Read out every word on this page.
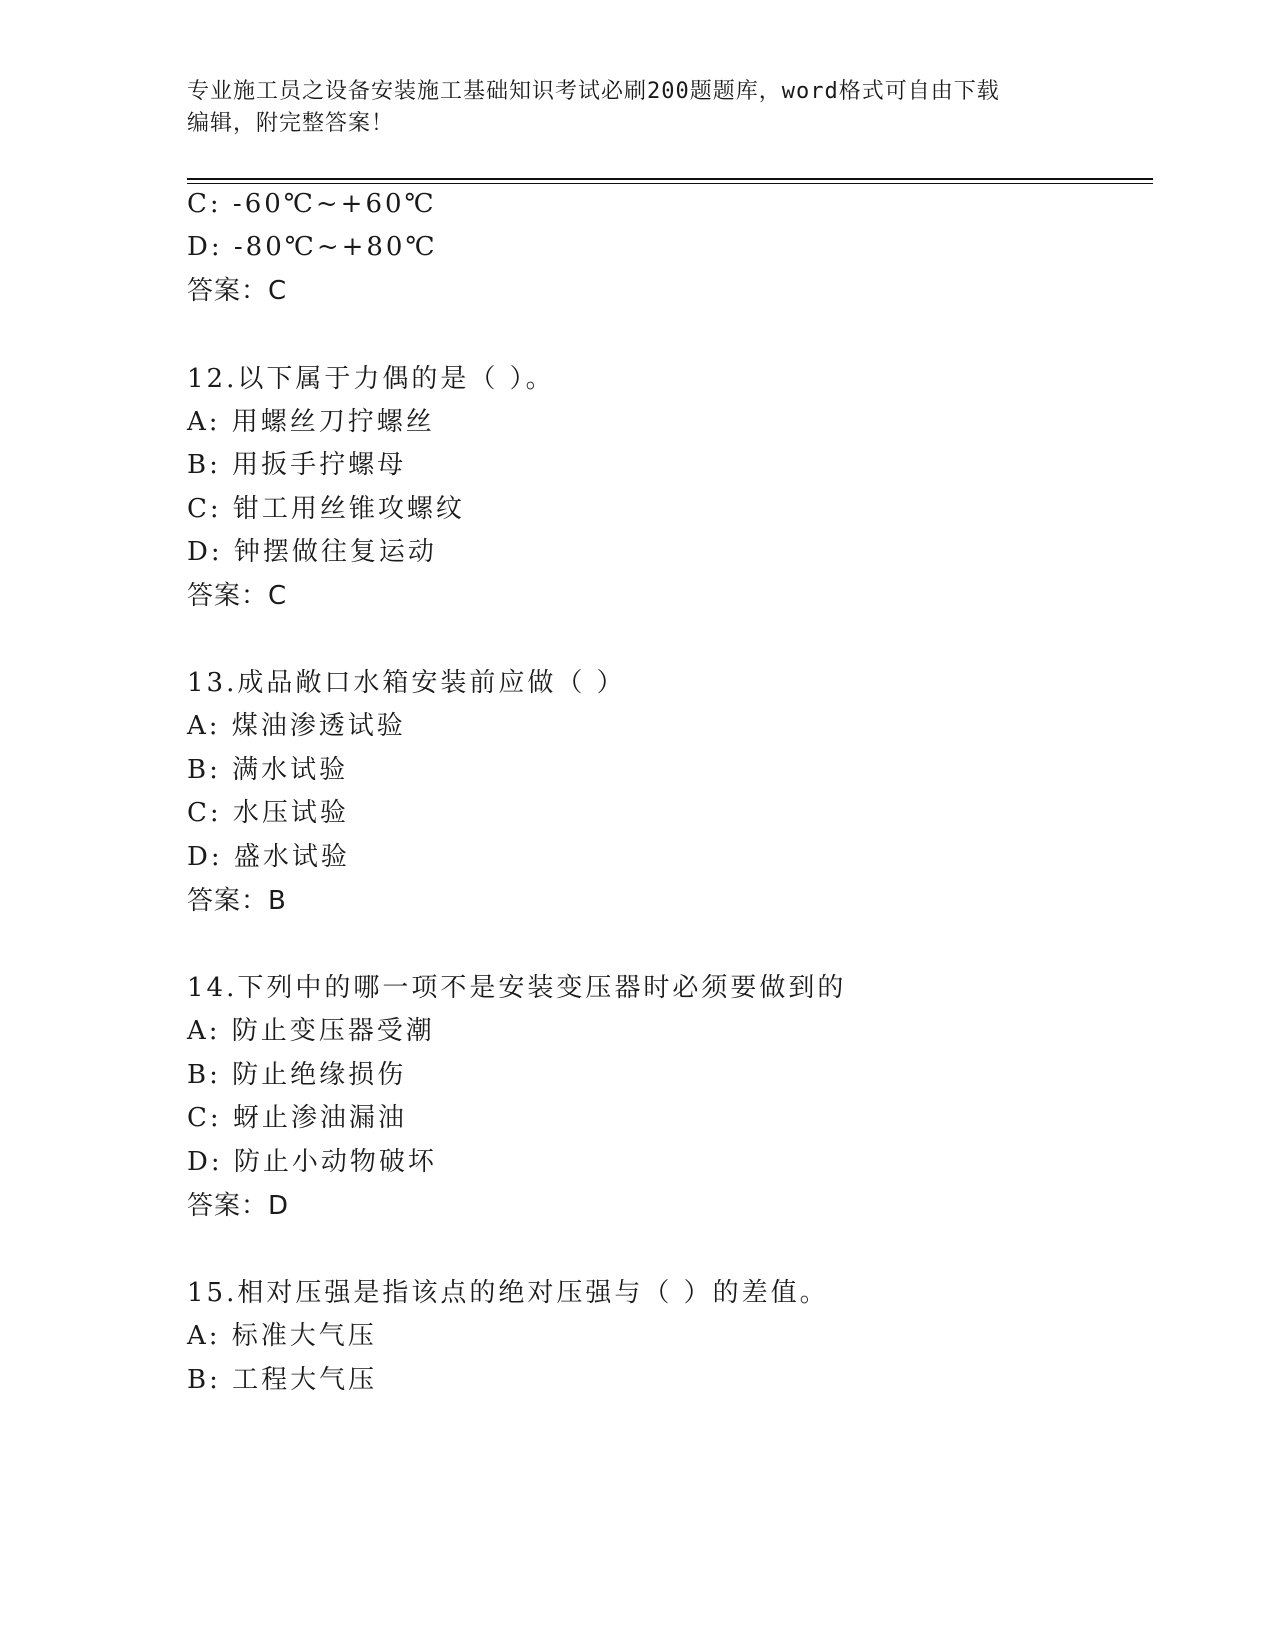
专业施工员之设备安装施工基础知识考试必刷200题题库，word格式可自由下载
编辑，附完整答案！
C: -60℃~+60℃
D: -80℃~+80℃
答案：C
12.以下属于力偶的是（ ）。
A: 用螺丝刀拧螺丝
B: 用扳手拧螺母
C: 钳工用丝锥攻螺纹
D: 钟摆做往复运动
答案：C
13.成品敞口水箱安装前应做（ ）
A: 煤油渗透试验
B: 满水试验
C: 水压试验
D: 盛水试验
答案：B
14.下列中的哪一项不是安装变压器时必须要做到的
A: 防止变压器受潮
B: 防止绝缘损伤
C: 蚜止渗油漏油
D: 防止小动物破坏
答案：D
15.相对压强是指该点的绝对压强与（ ）的差值。
A: 标准大气压
B: 工程大气压
